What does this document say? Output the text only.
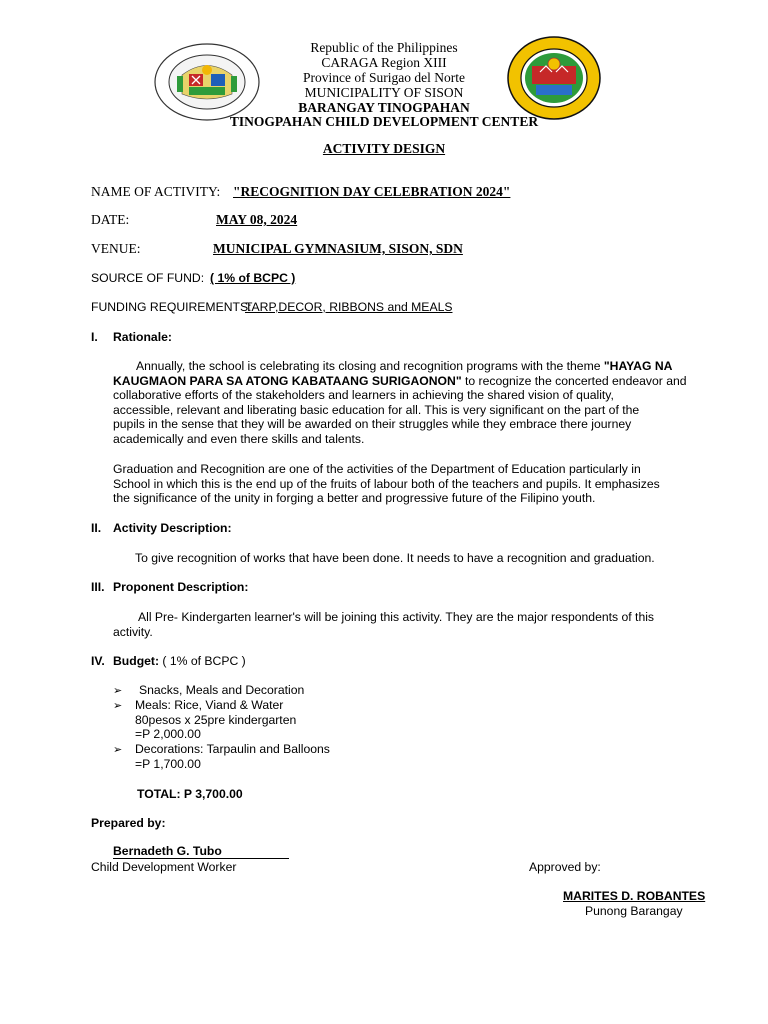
Republic of the Philippines
CARAGA Region XIII
Province of Surigao del Norte
MUNICIPALITY OF SISON
BARANGAY TINOGPAHAN
TINOGPAHAN CHILD DEVELOPMENT CENTER
ACTIVITY DESIGN
NAME OF ACTIVITY: "RECOGNITION DAY CELEBRATION 2024"
DATE:	MAY 08, 2024
VENUE:	MUNICIPAL GYMNASIUM, SISON, SDN
SOURCE OF FUND: ( 1% of BCPC )
FUNDING REQUIREMENTS:
TARP,DECOR, RIBBONS and MEALS
I. Rationale:
Annually, the school is celebrating its closing and recognition programs with the theme "HAYAG NA
KAUGMAON PARA SA ATONG KABATAANG SURIGAONON" to recognize the concerted endeavor and
collaborative efforts of the stakeholders and learners in achieving the shared vision of quality,
accessible, relevant and liberating basic education for all. This is very significant on the part of the
pupils in the sense that they will be awarded on their struggles while they embrace there journey
academically and even there skills and talents.
Graduation and Recognition are one of the activities of the Department of Education particularly in
School in which this is the end up of the fruits of labour both of the teachers and pupils. It emphasizes
the significance of the unity in forging a better and progressive future of the Filipino youth.
II. Activity Description:
To give recognition of works that have been done. It needs to have a recognition and graduation.
III. Proponent Description:
All Pre- Kindergarten learner's will be joining this activity. They are the major respondents of this
activity.
IV. Budget: ( 1% of BCPC )
➢ Snacks, Meals and Decoration
➢ Meals: Rice, Viand & Water
80pesos x 25pre kindergarten
=P 2,000.00
➢ Decorations: Tarpaulin and Balloons
=P 1,700.00
TOTAL: P 3,700.00
Prepared by:
Bernadeth G. Tubo
Child Development Worker	Approved by:
MARITES D. ROBANTES
Punong Barangay
